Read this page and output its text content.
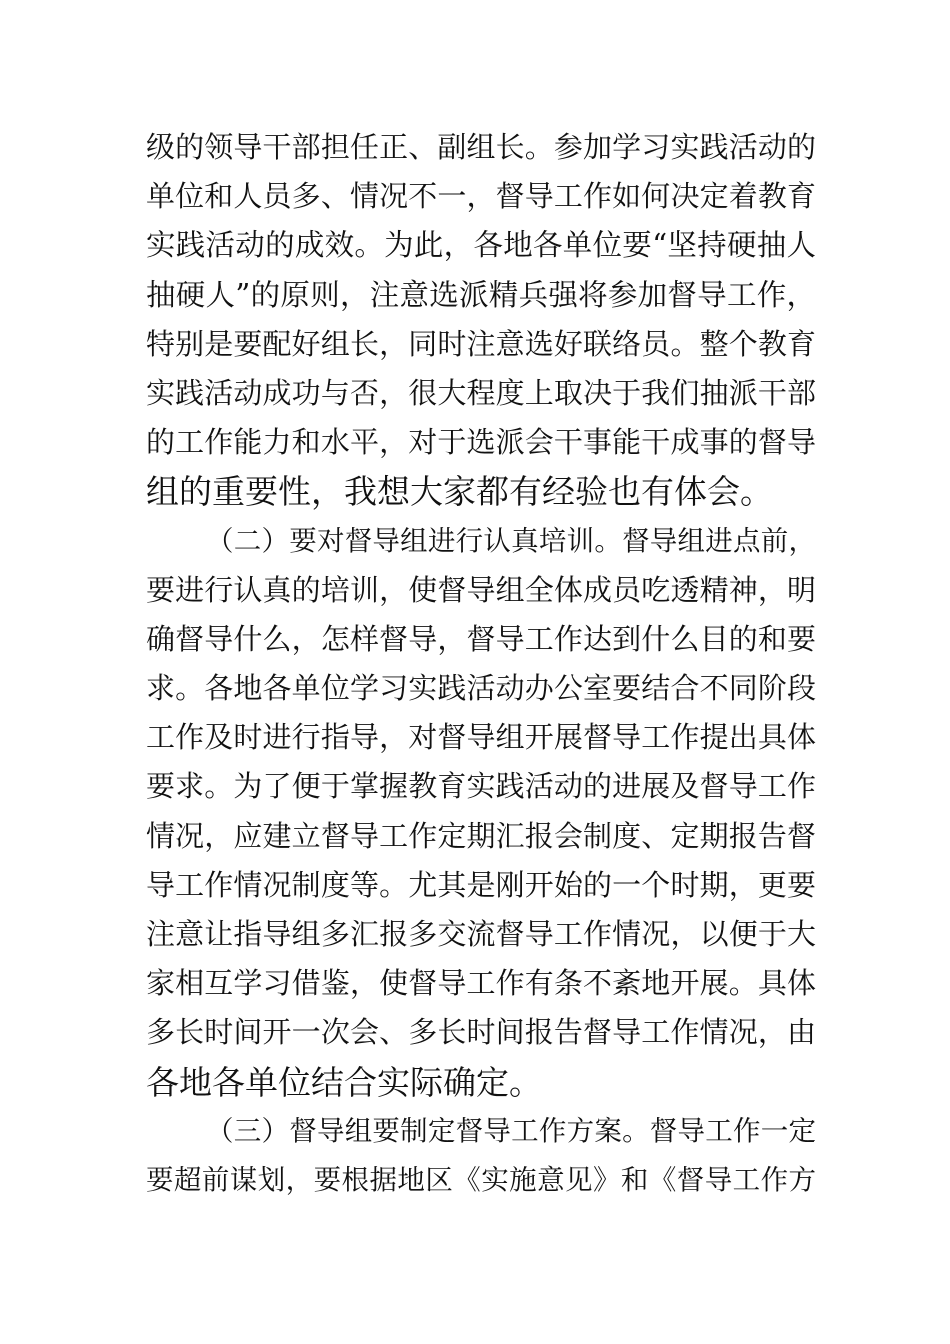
级的领导干部担任正、副组长。参加学习实践活动的
单位和人员多、情况不一，督导工作如何决定着教育
实践活动的成效。为此，各地各单位要“坚持硬抽人
抽硬人”的原则，注意选派精兵强将参加督导工作，
特别是要配好组长，同时注意选好联络员。整个教育
实践活动成功与否，很大程度上取决于我们抽派干部
的工作能力和水平，对于选派会干事能干成事的督导
组的重要性，我想大家都有经验也有体会。
（二）要对督导组进行认真培训。督导组进点前，
要进行认真的培训，使督导组全体成员吃透精神，明
确督导什么，怎样督导，督导工作达到什么目的和要
求。各地各单位学习实践活动办公室要结合不同阶段
工作及时进行指导，对督导组开展督导工作提出具体
要求。为了便于掌握教育实践活动的进展及督导工作
情况，应建立督导工作定期汇报会制度、定期报告督
导工作情况制度等。尤其是刚开始的一个时期，更要
注意让指导组多汇报多交流督导工作情况，以便于大
家相互学习借鉴，使督导工作有条不紊地开展。具体
多长时间开一次会、多长时间报告督导工作情况，由
各地各单位结合实际确定。
（三）督导组要制定督导工作方案。督导工作一定
要超前谋划，要根据地区《实施意见》和《督导工作方
